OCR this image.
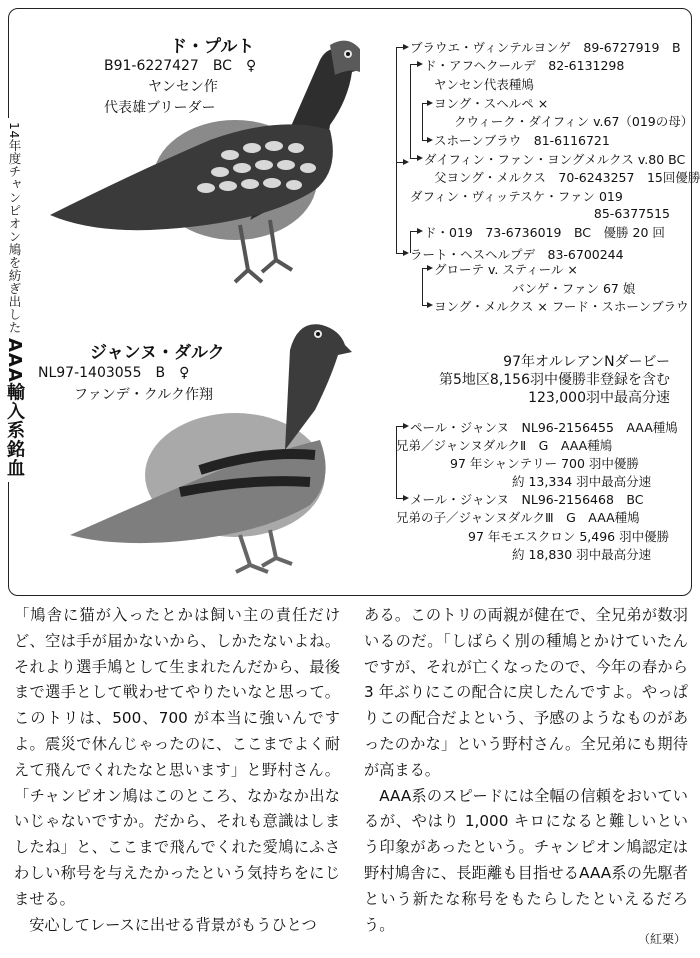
14年度チャンピオン鳩を紡ぎ出した
AAA輸入系銘血
ド・プルト
B91-6227427　BC　♀
ヤンセン作
代表雄ブリーダー
ジャンヌ・ダルク
NL97-1403055　B　♀
ファンデ・クルク作翔
ブラウエ・ヴィンテルヨンゲ　89-6727919　B
ド・アフヘクールデ　82-6131298
ヤンセン代表種鳩
ヨング・スヘルペ ×
クウィーク・ダイフィン v.67（019の母）
スホーンブラウ　81-6116721
ダイフィン・ファン・ヨングメルクス v.80 BC
父ヨング・メルクス　70-6243257　15回優勝
ダフィン・ヴィッテスケ・ファン 019
85-6377515
ド・019　73-6736019　BC　優勝 20 回
ラート・ヘスヘルプデ　83-6700244
グローテ v. スティール ×
バンゲ・ファン 67 娘
ヨング・メルクス × フード・スホーンブラウ
97年オルレアンNダービー
第5地区8,156羽中優勝非登録を含む
123,000羽中最高分速
ペール・ジャンヌ　NL96-2156455　AAA種鳩
兄弟／ジャンヌダルクⅡ　G　AAA種鳩
97 年シャンテリー 700 羽中優勝
約 13,334 羽中最高分速
メール・ジャンヌ　NL96-2156468　BC
兄弟の子／ジャンヌダルクⅢ　G　AAA種鳩
97 年モエスクロン 5,496 羽中優勝
約 18,830 羽中最高分速

「鳩舎に猫が入ったとかは飼い主の責任だけど、空は手が届かないから、しかたないよね。それより選手鳩として生まれたんだから、最後まで選手として戦わせてやりたいなと思って。このトリは、500、700 が本当に強いんですよ。震災で休んじゃったのに、ここまでよく耐えて飛んでくれたなと思います」と野村さん。「チャンピオン鳩はこのところ、なかなか出ないじゃないですか。だから、それも意識はしましたね」と、ここまで飛んでくれた愛鳩にふさわしい称号を与えたかったという気持ちをにじませる。

安心してレースに出せる背景がもうひとつ

ある。このトリの両親が健在で、全兄弟が数羽いるのだ。「しばらく別の種鳩とかけていたんですが、それが亡くなったので、今年の春から 3 年ぶりにこの配合に戻したんですよ。やっぱりこの配合だよという、予感のようなものがあったのかな」という野村さん。全兄弟にも期待が高まる。

AAA系のスピードには全幅の信頼をおいているが、やはり 1,000 キロになると難しいという印象があったという。チャンピオン鳩認定は野村鳩舎に、長距離も目指せるAAA系の先駆者という新たな称号をもたらしたといえるだろう。

（紅栗）
